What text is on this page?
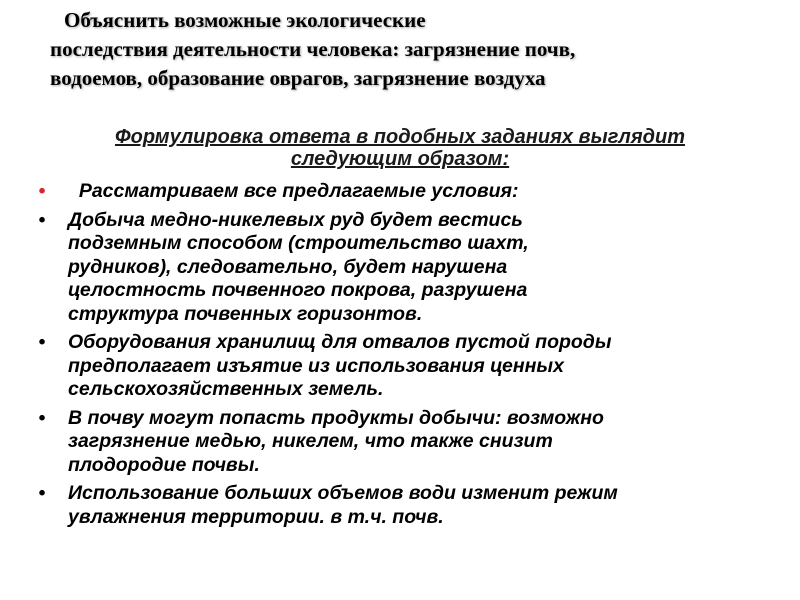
Объяснить возможные экологические
последствия деятельности человека: загрязнение почв,
водоемов, образование оврагов, загрязнение воздуха
Формулировка ответа в подобных заданиях выглядит
следующим образом:
• Рассматриваем все предлагаемые условия:
• Добыча медно-никелевых руд будет вестись
подземным способом (строительство шахт,
рудников), следовательно, будет нарушена
целостность почвенного покрова, разрушена
структура почвенных горизонтов.
• Оборудования хранилищ для отвалов пустой породы
предполагает изъятие из использования ценных
сельскохозяйственных земель.
• В почву могут попасть продукты добычи: возможно
загрязнение медью, никелем, что также снизит
плодородие почвы.
• Использование больших объемов води изменит режим
увлажнения территории. в т.ч. почв.
